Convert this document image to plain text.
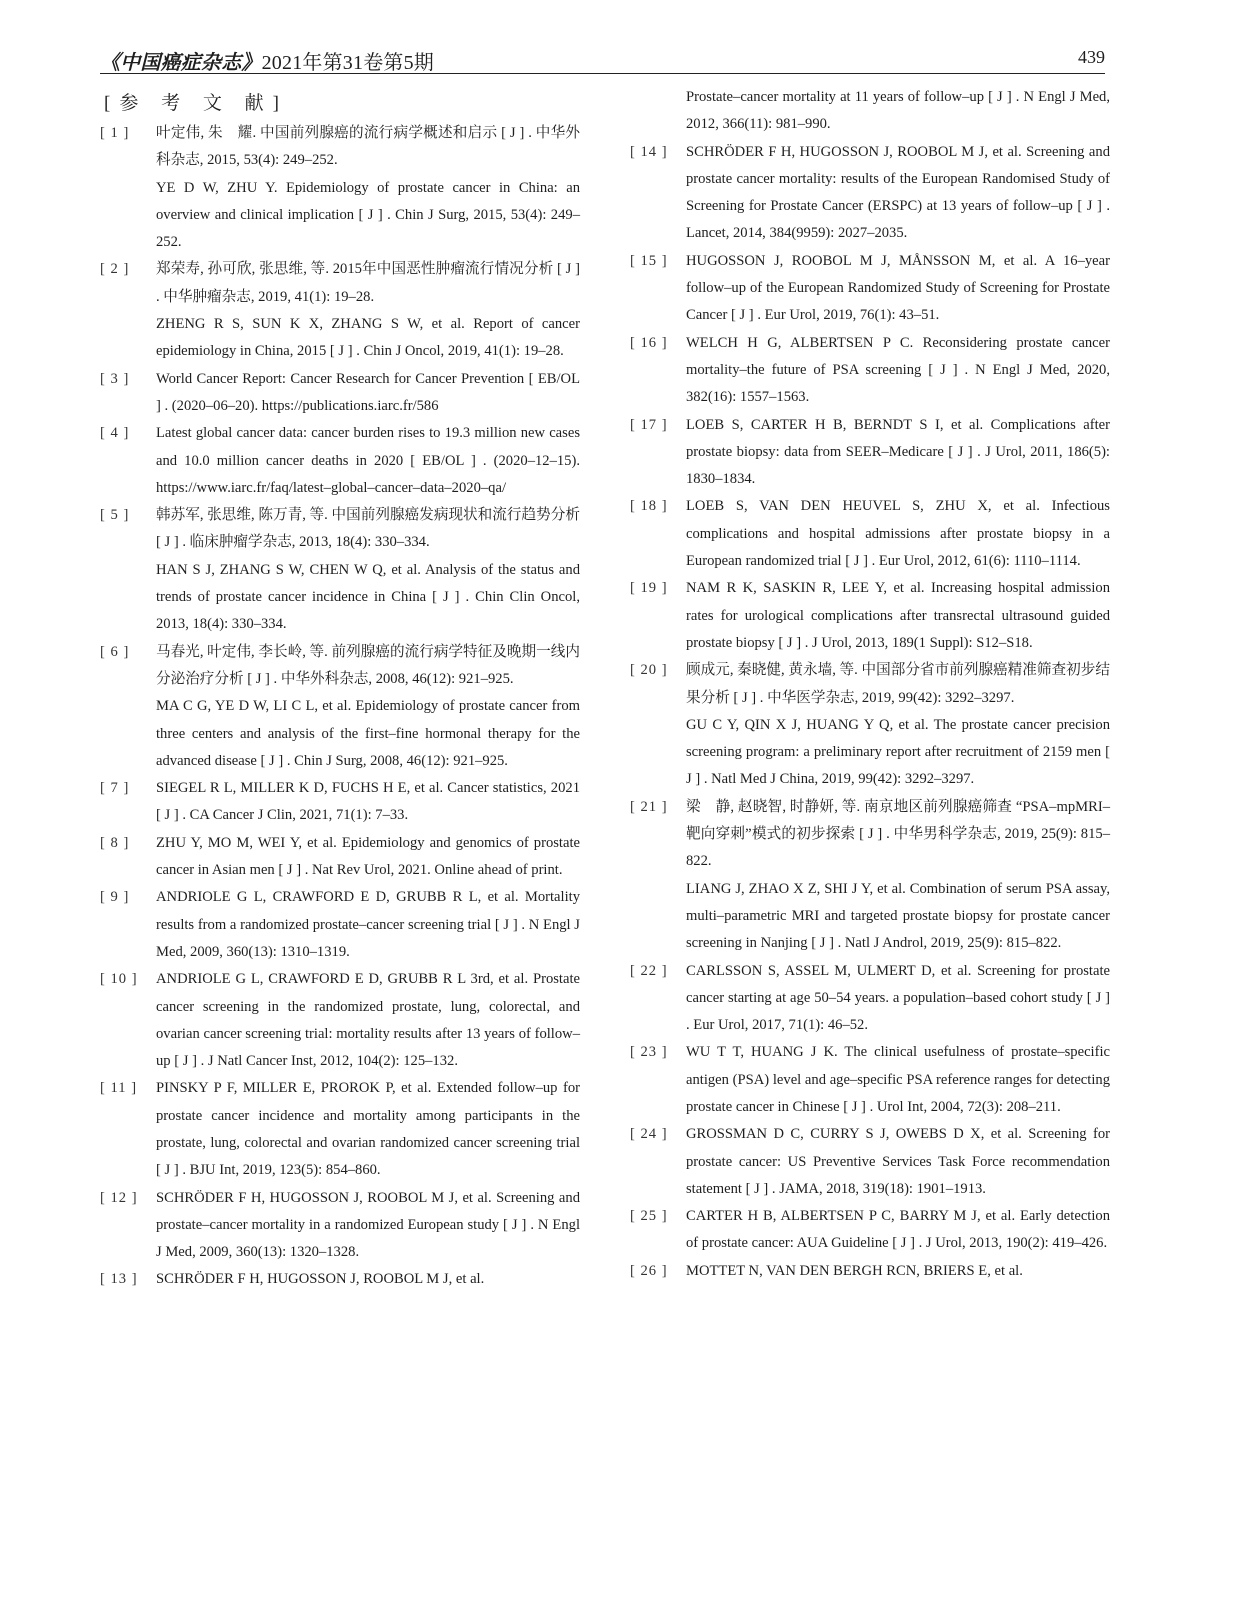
《中国癌症杂志》2021年第31卷第5期	439
[参 考 文 献]
[ 1 ]	叶定伟, 朱　耀. 中国前列腺癌的流行病学概述和启示 [ J ] . 中华外科杂志, 2015, 53(4): 249–252.
YE D W, ZHU Y. Epidemiology of prostate cancer in China: an overview and clinical implication [ J ] . Chin J Surg, 2015, 53(4): 249–252.
[ 2 ]	郑荣寿, 孙可欣, 张思维, 等. 2015年中国恶性肿瘤流行情况分析 [ J ] . 中华肿瘤杂志, 2019, 41(1): 19–28.
ZHENG R S, SUN K X, ZHANG S W, et al. Report of cancer epidemiology in China, 2015 [ J ] . Chin J Oncol, 2019, 41(1): 19–28.
[ 3 ]	World Cancer Report: Cancer Research for Cancer Prevention [ EB/OL ] . (2020–06–20). https://publications.iarc.fr/586
[ 4 ]	Latest global cancer data: cancer burden rises to 19.3 million new cases and 10.0 million cancer deaths in 2020 [ EB/OL ] . (2020–12–15). https://www.iarc.fr/faq/latest–global–cancer–data–2020–qa/
[ 5 ]	韩苏军, 张思维, 陈万青, 等. 中国前列腺癌发病现状和流行趋势分析 [ J ] . 临床肿瘤学杂志, 2013, 18(4): 330–334.
HAN S J, ZHANG S W, CHEN W Q, et al. Analysis of the status and trends of prostate cancer incidence in China [ J ] . Chin Clin Oncol, 2013, 18(4): 330–334.
[ 6 ]	马春光, 叶定伟, 李长岭, 等. 前列腺癌的流行病学特征及晚期一线内分泌治疗分析 [ J ] . 中华外科杂志, 2008, 46(12): 921–925.
MA C G, YE D W, LI C L, et al. Epidemiology of prostate cancer from three centers and analysis of the first–fine hormonal therapy for the advanced disease [ J ] . Chin J Surg, 2008, 46(12): 921–925.
[ 7 ]	SIEGEL R L, MILLER K D, FUCHS H E, et al. Cancer statistics, 2021 [ J ] . CA Cancer J Clin, 2021, 71(1): 7–33.
[ 8 ]	ZHU Y, MO M, WEI Y, et al. Epidemiology and genomics of prostate cancer in Asian men [ J ] . Nat Rev Urol, 2021. Online ahead of print.
[ 9 ]	ANDRIOLE G L, CRAWFORD E D, GRUBB R L, et al. Mortality results from a randomized prostate–cancer screening trial [ J ] . N Engl J Med, 2009, 360(13): 1310–1319.
[ 10 ]	ANDRIOLE G L, CRAWFORD E D, GRUBB R L 3rd, et al. Prostate cancer screening in the randomized prostate, lung, colorectal, and ovarian cancer screening trial: mortality results after 13 years of follow–up [ J ] . J Natl Cancer Inst, 2012, 104(2): 125–132.
[ 11 ]	PINSKY P F, MILLER E, PROROK P, et al. Extended follow–up for prostate cancer incidence and mortality among participants in the prostate, lung, colorectal and ovarian randomized cancer screening trial [ J ] . BJU Int, 2019, 123(5): 854–860.
[ 12 ]	SCHRÖDER F H, HUGOSSON J, ROOBOL M J, et al. Screening and prostate–cancer mortality in a randomized European study [ J ] . N Engl J Med, 2009, 360(13): 1320–1328.
[ 13 ]	SCHRÖDER F H, HUGOSSON J, ROOBOL M J, et al.
Prostate–cancer mortality at 11 years of follow–up [ J ] . N Engl J Med, 2012, 366(11): 981–990.
[ 14 ]	SCHRÖDER F H, HUGOSSON J, ROOBOL M J, et al. Screening and prostate cancer mortality: results of the European Randomised Study of Screening for Prostate Cancer (ERSPC) at 13 years of follow–up [ J ] . Lancet, 2014, 384(9959): 2027–2035.
[ 15 ]	HUGOSSON J, ROOBOL M J, MÅNSSON M, et al. A 16–year follow–up of the European Randomized Study of Screening for Prostate Cancer [ J ] . Eur Urol, 2019, 76(1): 43–51.
[ 16 ]	WELCH H G, ALBERTSEN P C. Reconsidering prostate cancer mortality–the future of PSA screening [ J ] . N Engl J Med, 2020, 382(16): 1557–1563.
[ 17 ]	LOEB S, CARTER H B, BERNDT S I, et al. Complications after prostate biopsy: data from SEER–Medicare [ J ] . J Urol, 2011, 186(5): 1830–1834.
[ 18 ]	LOEB S, VAN DEN HEUVEL S, ZHU X, et al. Infectious complications and hospital admissions after prostate biopsy in a European randomized trial [ J ] . Eur Urol, 2012, 61(6): 1110–1114.
[ 19 ]	NAM R K, SASKIN R, LEE Y, et al. Increasing hospital admission rates for urological complications after transrectal ultrasound guided prostate biopsy [ J ] . J Urol, 2013, 189(1 Suppl): S12–S18.
[ 20 ]	顾成元, 秦晓健, 黄永墙, 等. 中国部分省市前列腺癌精准筛查初步结果分析 [ J ] . 中华医学杂志, 2019, 99(42): 3292–3297.
GU C Y, QIN X J, HUANG Y Q, et al. The prostate cancer precision screening program: a preliminary report after recruitment of 2159 men [ J ] . Natl Med J China, 2019, 99(42): 3292–3297.
[ 21 ]	梁　静, 赵晓智, 时静妍, 等. 南京地区前列腺癌筛查 “PSA–mpMRI–靶向穿刺”模式的初步探索 [ J ] . 中华男科学杂志, 2019, 25(9): 815–822.
LIANG J, ZHAO X Z, SHI J Y, et al. Combination of serum PSA assay, multi–parametric MRI and targeted prostate biopsy for prostate cancer screening in Nanjing [ J ] . Natl J Androl, 2019, 25(9): 815–822.
[ 22 ]	CARLSSON S, ASSEL M, ULMERT D, et al. Screening for prostate cancer starting at age 50–54 years. a population–based cohort study [ J ] . Eur Urol, 2017, 71(1): 46–52.
[ 23 ]	WU T T, HUANG J K. The clinical usefulness of prostate–specific antigen (PSA) level and age–specific PSA reference ranges for detecting prostate cancer in Chinese [ J ] . Urol Int, 2004, 72(3): 208–211.
[ 24 ]	GROSSMAN D C, CURRY S J, OWEBS D X, et al. Screening for prostate cancer: US Preventive Services Task Force recommendation statement [ J ] . JAMA, 2018, 319(18): 1901–1913.
[ 25 ]	CARTER H B, ALBERTSEN P C, BARRY M J, et al. Early detection of prostate cancer: AUA Guideline [ J ] . J Urol, 2013, 190(2): 419–426.
[ 26 ]	MOTTET N, VAN DEN BERGH RCN, BRIERS E, et al.
